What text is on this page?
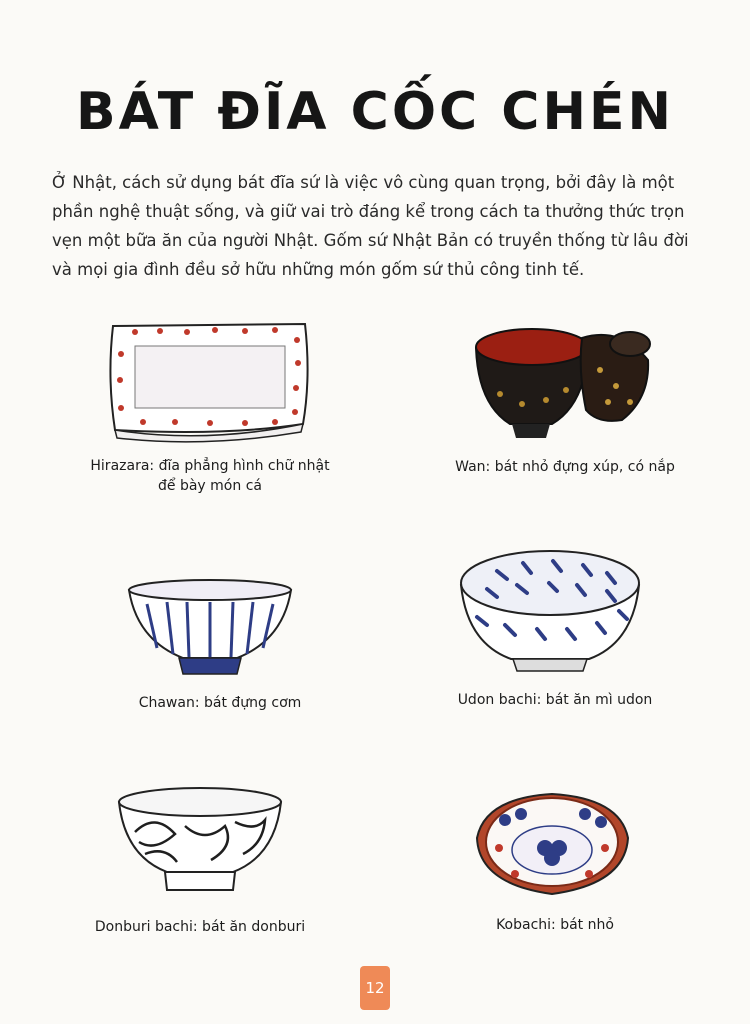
BÁT ĐĨA CỐC CHÉN
Ở Nhật, cách sử dụng bát đĩa sứ là việc vô cùng quan trọng, bởi đây là một phần nghệ thuật sống, và giữ vai trò đáng kể trong cách ta thưởng thức trọn vẹn một bữa ăn của người Nhật. Gốm sứ Nhật Bản có truyền thống từ lâu đời và mọi gia đình đều sở hữu những món gốm sứ thủ công tinh tế.
Hirazara: đĩa phẳng hình chữ nhật
để bày món cá
Wan: bát nhỏ đựng xúp, có nắp
Chawan: bát đựng cơm	Udon bachi: bát ăn mì udon
Donburi bachi: bát ăn donburi	Kobachi: bát nhỏ
12
